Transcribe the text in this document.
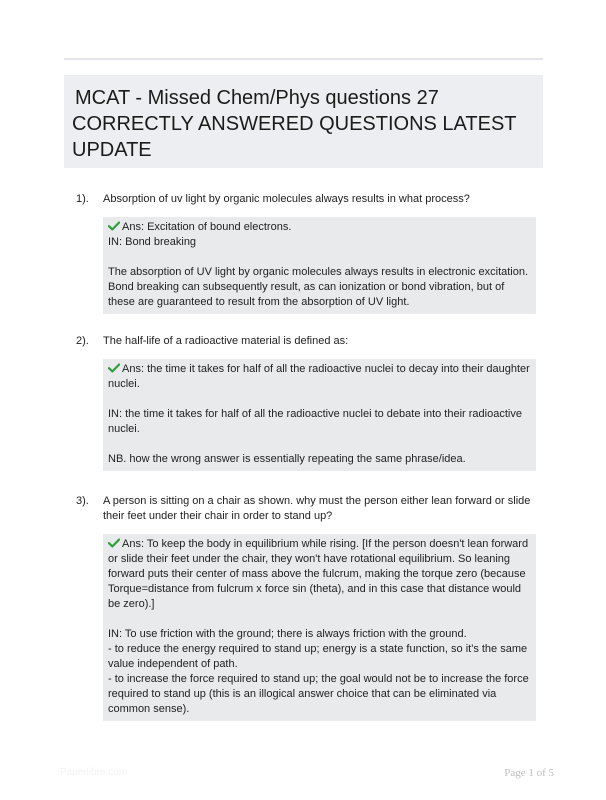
MCAT - Missed Chem/Phys questions 27
CORRECTLY ANSWERED QUESTIONS LATEST
UPDATE
1). Absorption of uv light by organic molecules always results in what process?

Ans: Excitation of bound electrons.

IN: Bond breaking

The absorption of UV light by organic molecules always results in electronic excitation. Bond breaking can subsequently result, as can ionization or bond vibration, but of these are guaranteed to result from the absorption of UV light.

2). The half-life of a radioactive material is defined as:

Ans: the time it takes for half of all the radioactive nuclei to decay into their daughter nuclei.

IN: the time it takes for half of all the radioactive nuclei to debate into their radioactive nuclei.

NB. how the wrong answer is essentially repeating the same phrase/idea.

3). A person is sitting on a chair as shown. why must the person either lean forward or slide their feet under their chair in order to stand up?

Ans: To keep the body in equilibrium while rising. [If the person doesn't lean forward or slide their feet under the chair, they won't have rotational equilibrium. So leaning forward puts their center of mass above the fulcrum, making the torque zero (because Torque=distance from fulcrum x force sin (theta), and in this case that distance would be zero).]

IN: To use friction with the ground; there is always friction with the ground.

- to reduce the energy required to stand up; energy is a state function, so it's the same value independent of path.

- to increase the force required to stand up; the goal would not be to increase the force required to stand up (this is an illogical answer choice that can be eliminated via common sense).

Paperlibre.com	Page 1 of 5
